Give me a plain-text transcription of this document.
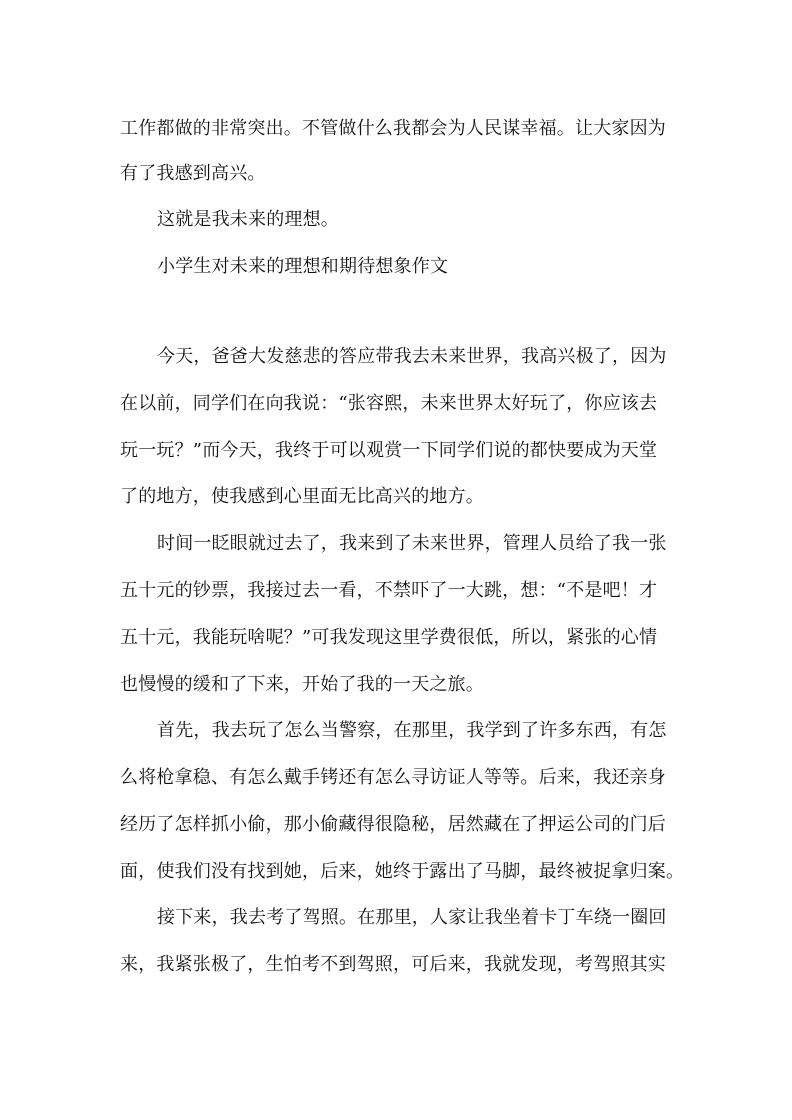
工作都做的非常突出。不管做什么我都会为人民谋幸福。让大家因为
有了我感到高兴。
这就是我未来的理想。
小学生对未来的理想和期待想象作文
今天，爸爸大发慈悲的答应带我去未来世界，我高兴极了，因为
在以前，同学们在向我说：“张容熙，未来世界太好玩了，你应该去
玩一玩？”而今天，我终于可以观赏一下同学们说的都快要成为天堂
了的地方，使我感到心里面无比高兴的地方。
时间一眨眼就过去了，我来到了未来世界，管理人员给了我一张
五十元的钞票，我接过去一看，不禁吓了一大跳，想：“不是吧！才
五十元，我能玩啥呢？”可我发现这里学费很低，所以，紧张的心情
也慢慢的缓和了下来，开始了我的一天之旅。
首先，我去玩了怎么当警察，在那里，我学到了许多东西，有怎
么将枪拿稳、有怎么戴手铐还有怎么寻访证人等等。后来，我还亲身
经历了怎样抓小偷，那小偷藏得很隐秘，居然藏在了押运公司的门后
面，使我们没有找到她，后来，她终于露出了马脚，最终被捉拿归案。
接下来，我去考了驾照。在那里，人家让我坐着卡丁车绕一圈回
来，我紧张极了，生怕考不到驾照，可后来，我就发现，考驾照其实
